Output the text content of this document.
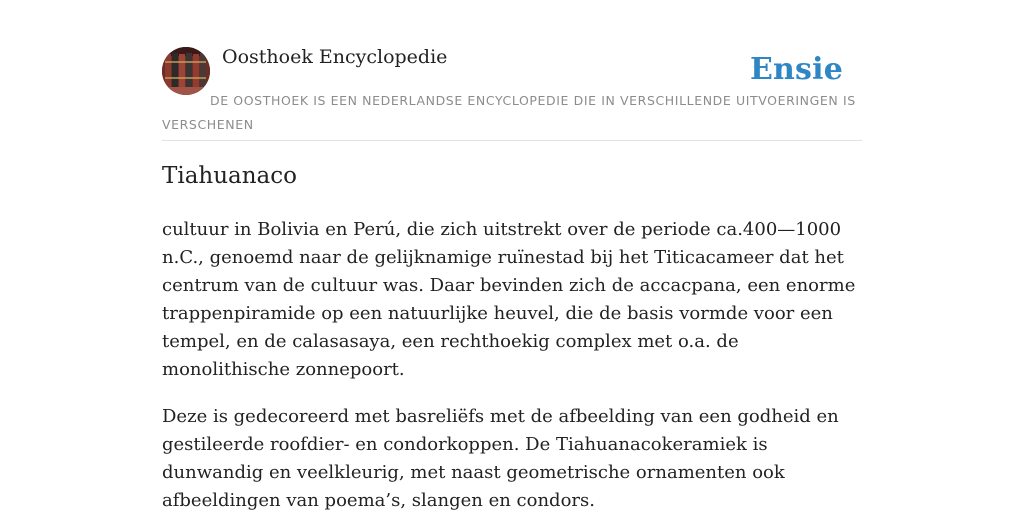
Oosthoek Encyclopedie	Ensie
DE OOSTHOEK IS EEN NEDERLANDSE ENCYCLOPEDIE DIE IN VERSCHILLENDE UITVOERINGEN IS VERSCHENEN
Tiahuanaco

cultuur in Bolivia en Perú, die zich uitstrekt over de periode ca.400—1000 n.C., genoemd naar de gelijknamige ruïnestad bij het Titicacameer dat het centrum van de cultuur was. Daar bevinden zich de accacpana, een enorme trappenpiramide op een natuurlijke heuvel, die de basis vormde voor een tempel, en de calasasaya, een rechthoekig complex met o.a. de monolithische zonnepoort.

Deze is gedecoreerd met basreliëfs met de afbeelding van een godheid en gestileerde roofdier- en condorkoppen. De Tiahuanacokeramiek is dunwandig en veelkleurig, met naast geometrische ornamenten ook afbeeldingen van poema’s, slangen en condors.
